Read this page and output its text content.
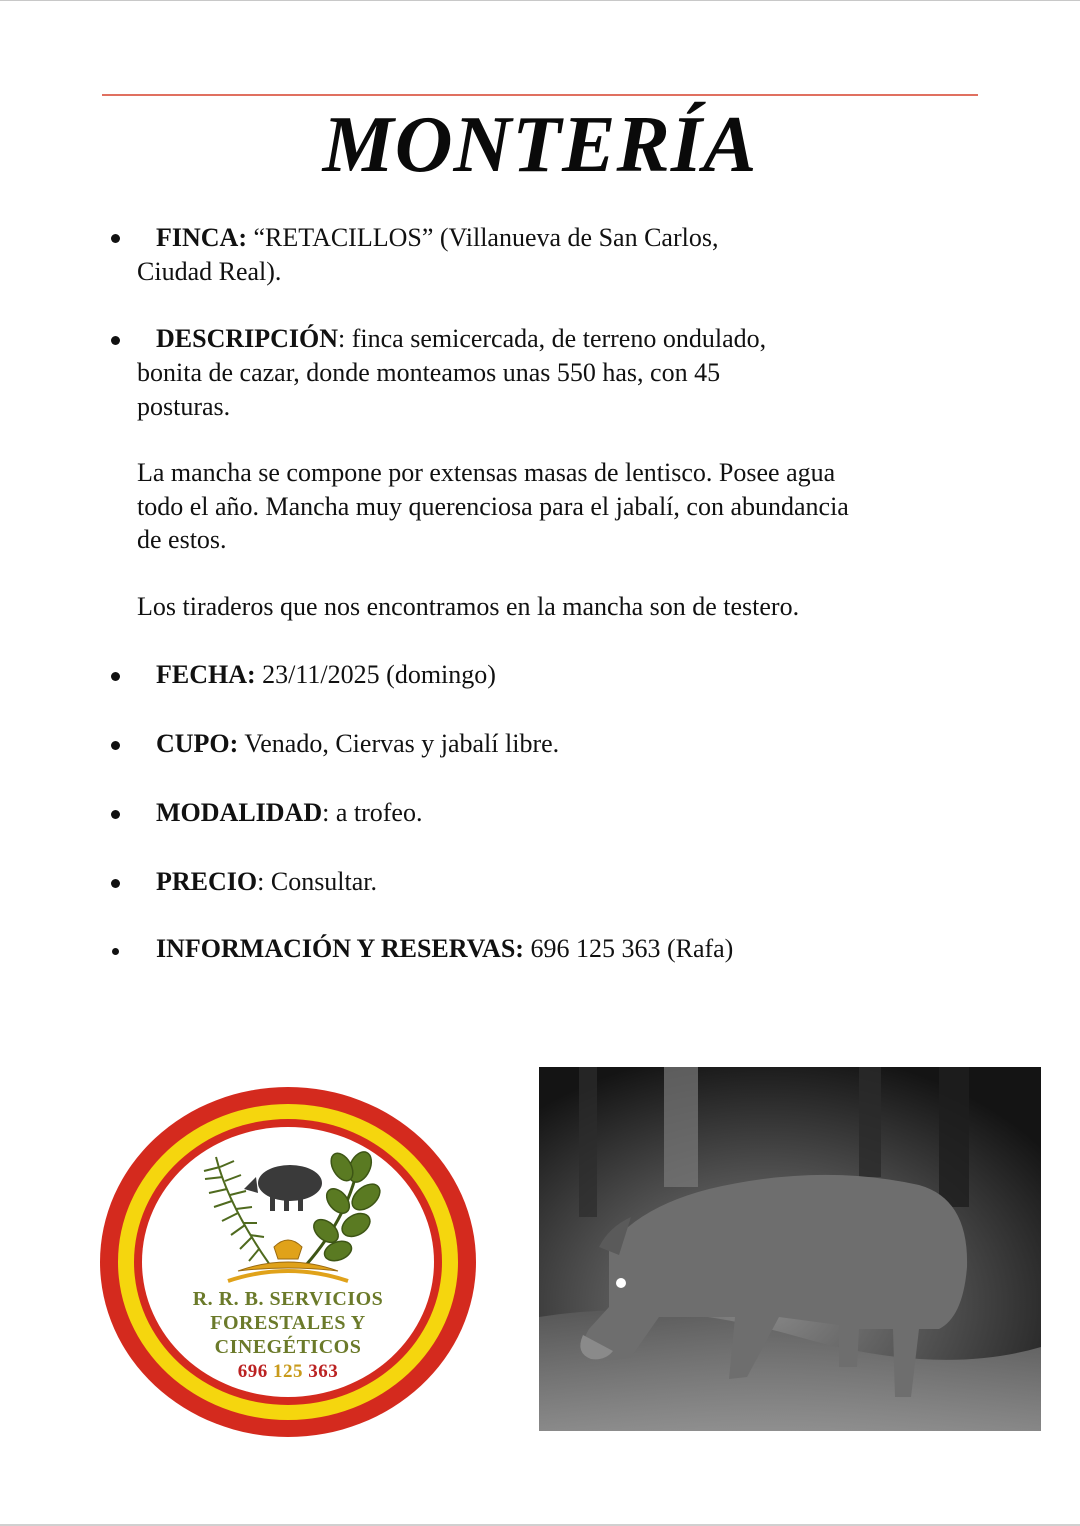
MONTERÍA
FINCA: “RETACILLOS” (Villanueva de San Carlos,
Ciudad Real).
DESCRIPCIÓN: finca semicercada, de terreno ondulado,
bonita de cazar, donde monteamos unas 550 has, con 45
posturas.
La mancha se compone por extensas masas de lentisco. Posee agua
todo el año. Mancha muy querenciosa para el jabalí, con abundancia
de estos.
Los tiraderos que nos encontramos en la mancha son de testero.
FECHA: 23/11/2025 (domingo)
CUPO: Venado, Ciervas y jabalí libre.
MODALIDAD: a trofeo.
PRECIO: Consultar.
INFORMACIÓN Y RESERVAS: 696 125 363 (Rafa)
R. R. B. SERVICIOS
FORESTALES Y
CINEGÉTICOS
696 125 363
